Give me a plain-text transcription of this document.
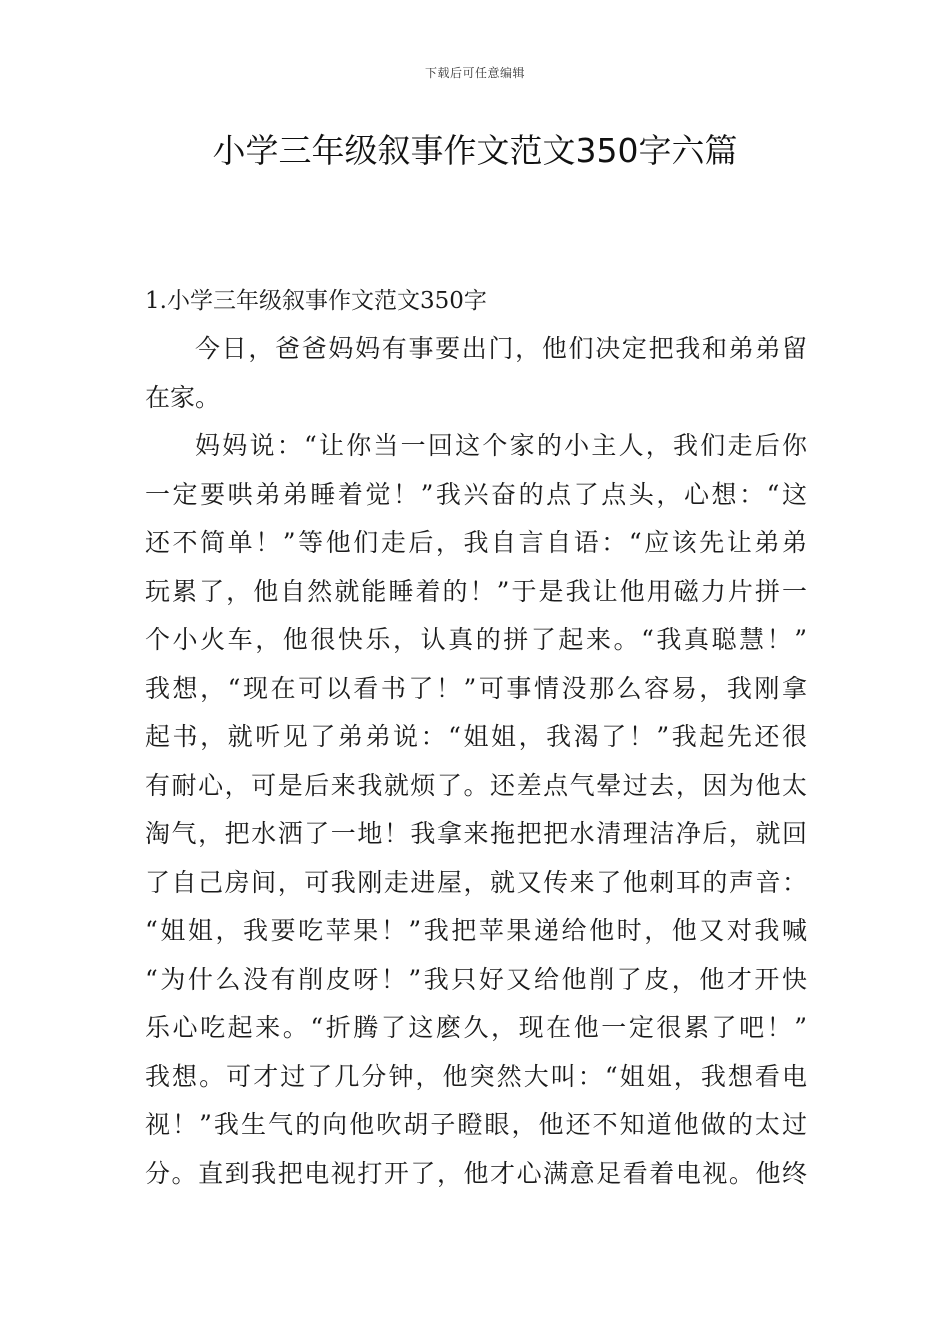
下载后可任意编辑
小学三年级叙事作文范文350字六篇
1.小学三年级叙事作文范文350字
今日，爸爸妈妈有事要出门，他们决定把我和弟弟留
在家。
妈妈说：“让你当一回这个家的小主人，我们走后你
一定要哄弟弟睡着觉！”我兴奋的点了点头，心想：“这
还不简单！”等他们走后，我自言自语：“应该先让弟弟
玩累了，他自然就能睡着的！”于是我让他用磁力片拼一
个小火车，他很快乐，认真的拼了起来。“我真聪慧！”
我想，“现在可以看书了！”可事情没那么容易，我刚拿
起书，就听见了弟弟说：“姐姐，我渴了！”我起先还很
有耐心，可是后来我就烦了。还差点气晕过去，因为他太
淘气，把水洒了一地！我拿来拖把把水清理洁净后，就回
了自己房间，可我刚走进屋，就又传来了他刺耳的声音：
“姐姐，我要吃苹果！”我把苹果递给他时，他又对我喊
“为什么没有削皮呀！”我只好又给他削了皮，他才开快
乐心吃起来。“折腾了这麽久，现在他一定很累了吧！”
我想。可才过了几分钟，他突然大叫：“姐姐，我想看电
视！”我生气的向他吹胡子瞪眼，他还不知道他做的太过
分。直到我把电视打开了，他才心满意足看着电视。他终
